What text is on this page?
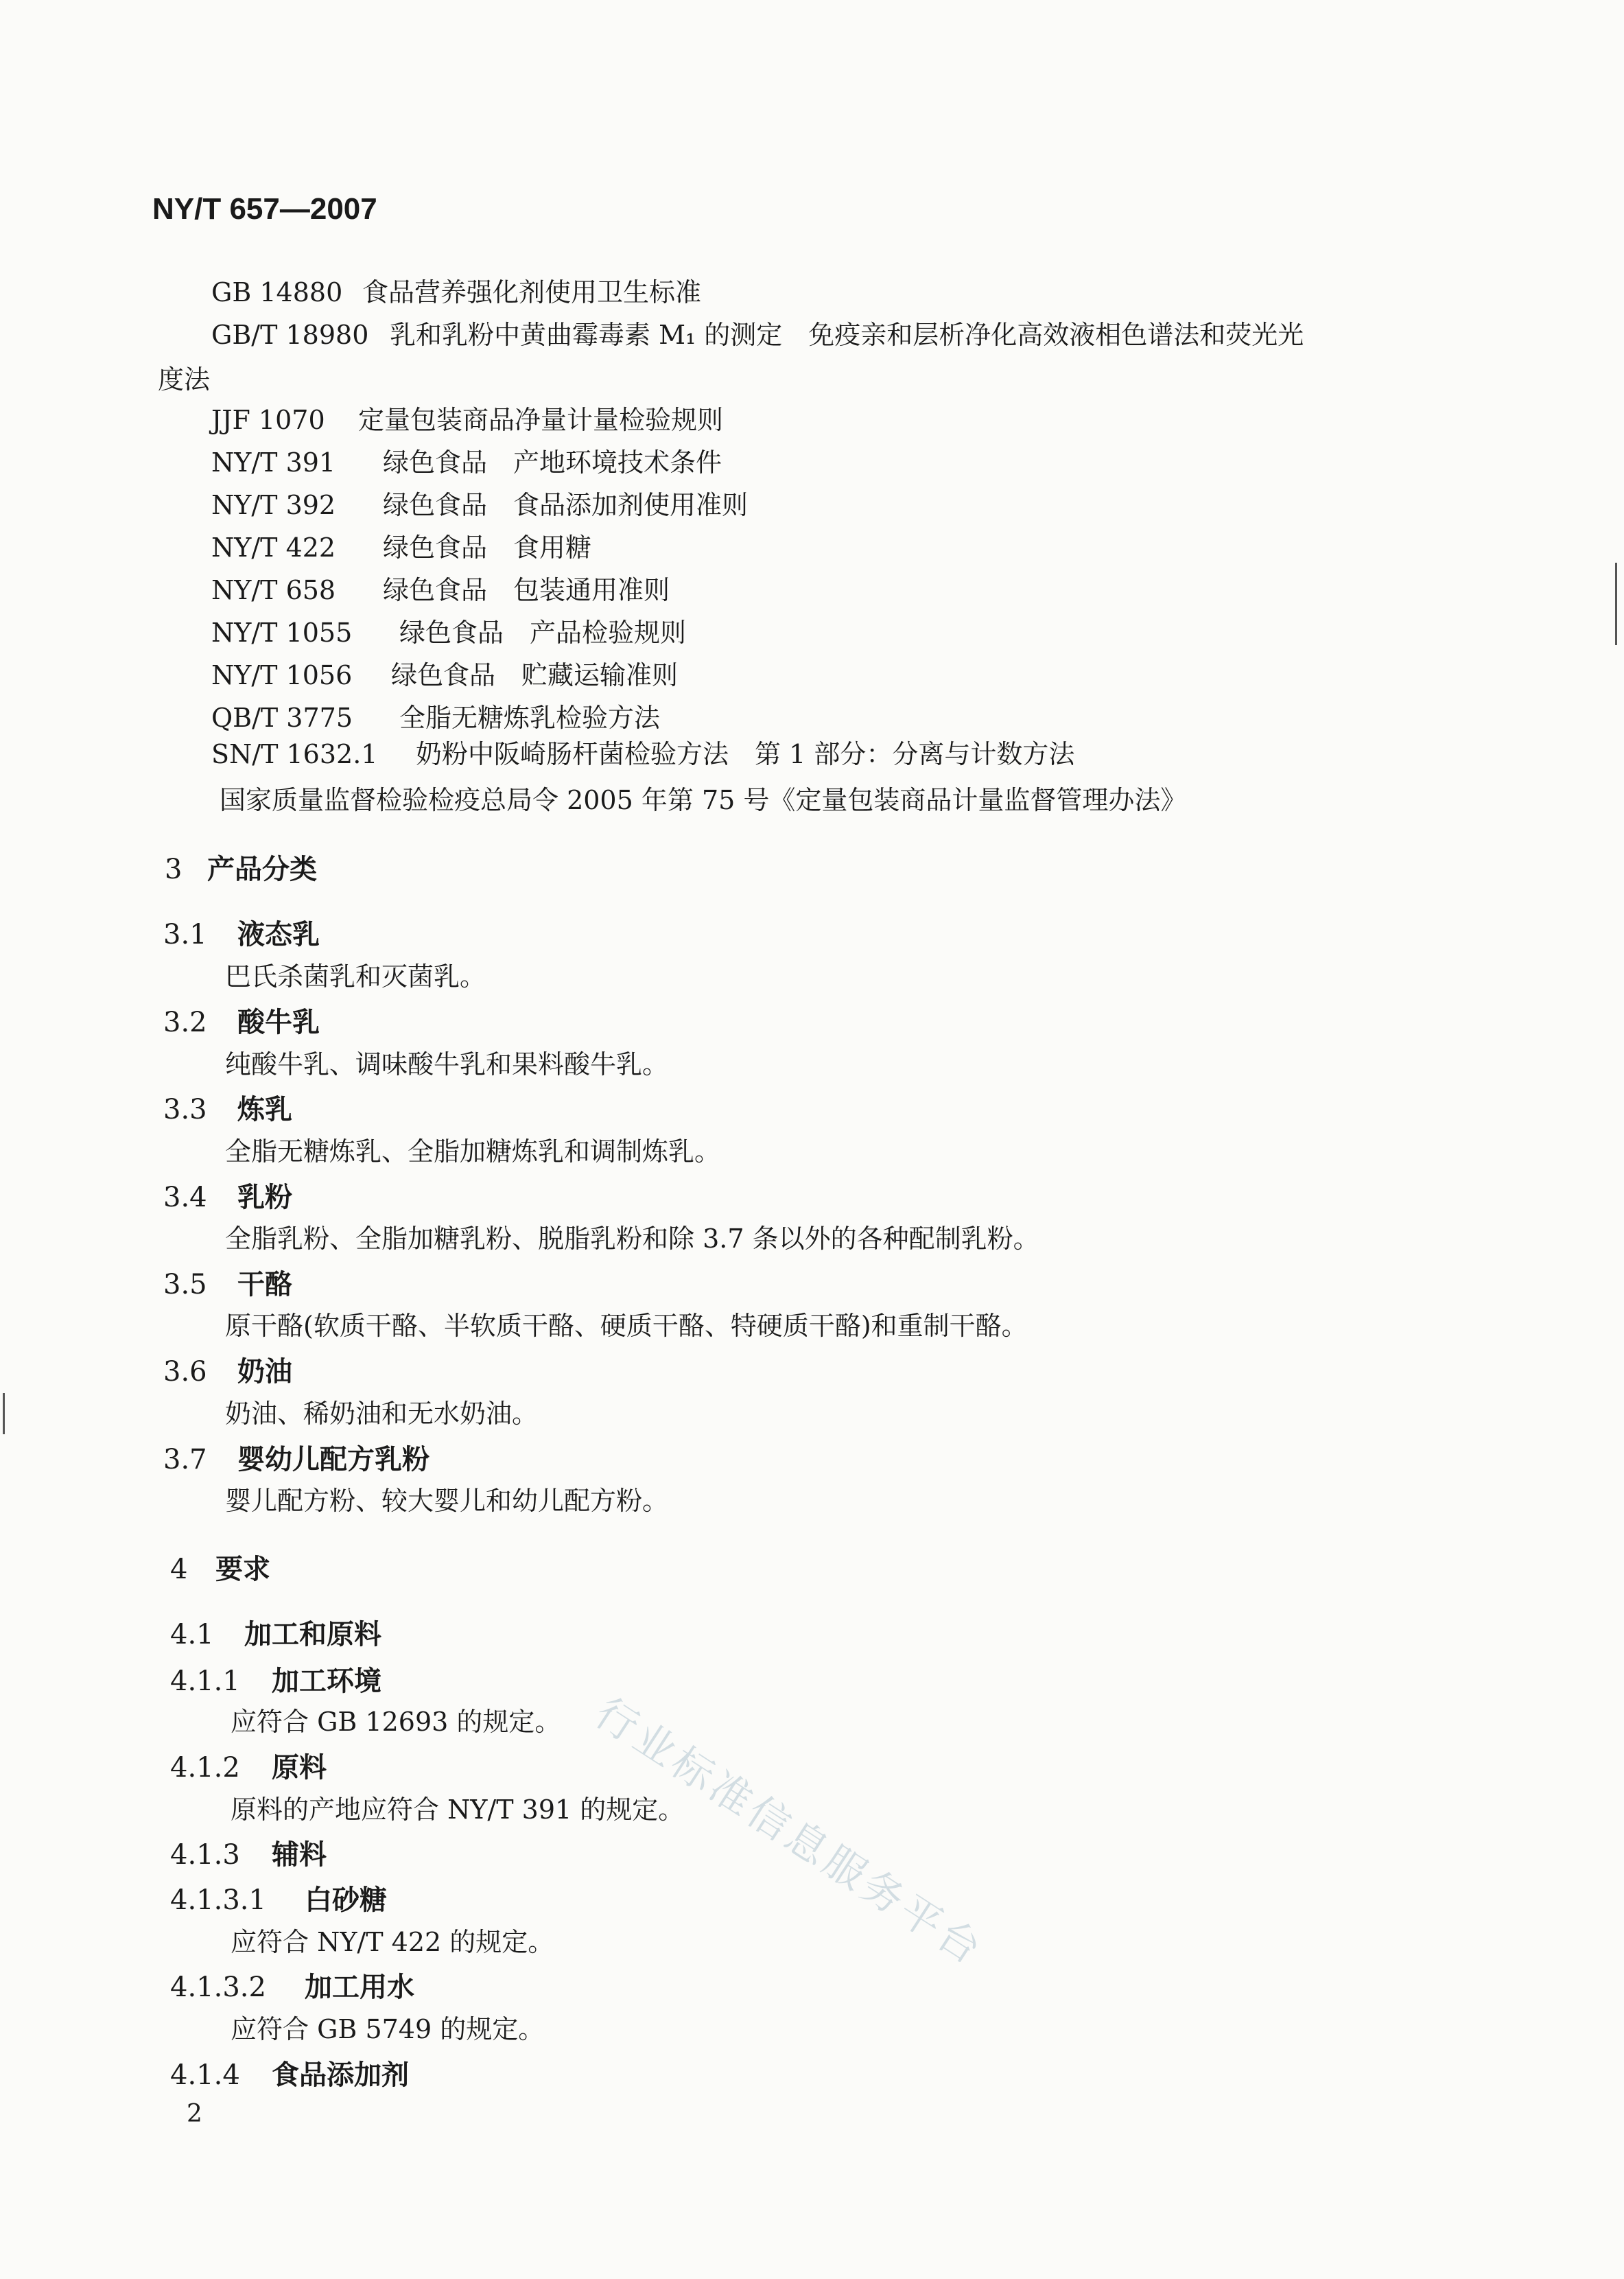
NY/T 657—2007
GB 14880 食品营养强化剂使用卫生标准
GB/T 18980 乳和乳粉中黄曲霉毒素 M₁ 的测定　免疫亲和层析净化高效液相色谱法和荧光光
度法
JJF 1070 定量包装商品净量计量检验规则
NY/T 391 绿色食品　产地环境技术条件
NY/T 392 绿色食品　食品添加剂使用准则
NY/T 422 绿色食品　食用糖
NY/T 658 绿色食品　包装通用准则
NY/T 1055 绿色食品　产品检验规则
NY/T 1056 绿色食品　贮藏运输准则
QB/T 3775 全脂无糖炼乳检验方法
SN/T 1632.1 奶粉中阪崎肠杆菌检验方法　第 1 部分：分离与计数方法
国家质量监督检验检疫总局令 2005 年第 75 号《定量包装商品计量监督管理办法》
3 产品分类
3.1 液态乳
巴氏杀菌乳和灭菌乳。
3.2 酸牛乳
纯酸牛乳、调味酸牛乳和果料酸牛乳。
3.3 炼乳
全脂无糖炼乳、全脂加糖炼乳和调制炼乳。
3.4 乳粉
全脂乳粉、全脂加糖乳粉、脱脂乳粉和除 3.7 条以外的各种配制乳粉。
3.5 干酪
原干酪(软质干酪、半软质干酪、硬质干酪、特硬质干酪)和重制干酪。
3.6 奶油
奶油、稀奶油和无水奶油。
3.7 婴幼儿配方乳粉
婴儿配方粉、较大婴儿和幼儿配方粉。
4 要求
4.1 加工和原料
4.1.1 加工环境
应符合 GB 12693 的规定。
4.1.2 原料
原料的产地应符合 NY/T 391 的规定。
4.1.3 辅料
4.1.3.1 白砂糖
应符合 NY/T 422 的规定。
4.1.3.2 加工用水
应符合 GB 5749 的规定。
4.1.4 食品添加剂
行业标准信息服务平台
2
